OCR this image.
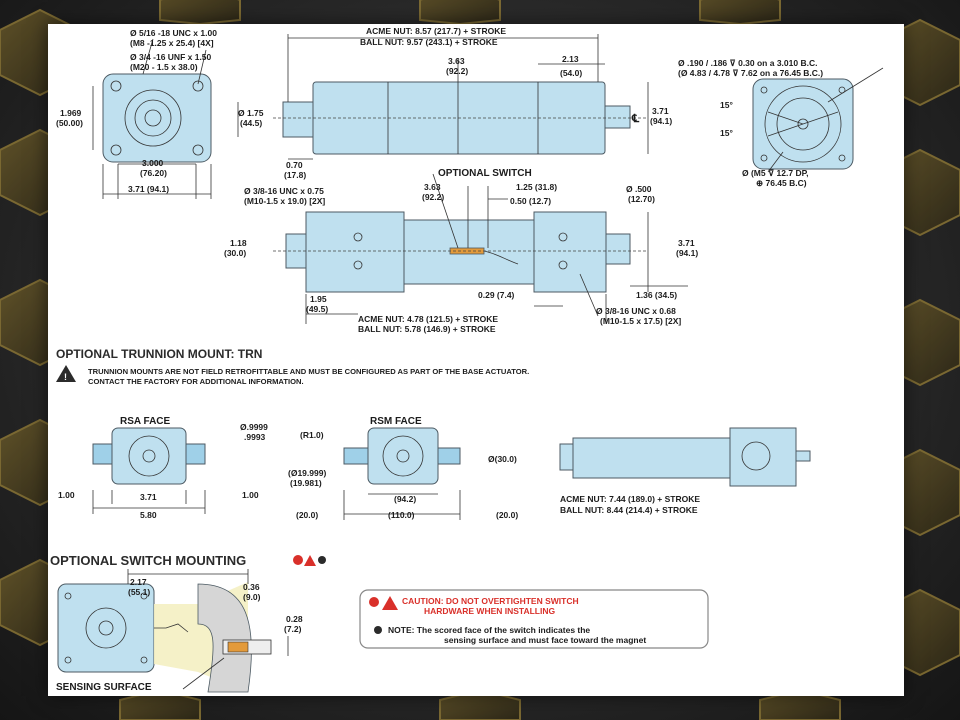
Ø 5/16 -18 UNC x 1.00
(M8 -1.25 x 25.4) [4X]
Ø 3/4 -16 UNF x 1.50
(M20 - 1.5 x 38.0)
1.969
(50.00)
3.000
(76.20)
3.71 (94.1)
ACME NUT: 8.57 (217.7) + STROKE
BALL NUT: 9.57 (243.1) + STROKE
3.63
(92.2)
2.13
(54.0)
Ø 1.75
(44.5)
0.70
(17.8)
3.71
(94.1)
℄
Ø .190 / .186 ⊽ 0.30 on a 3.010 B.C.
(Ø 4.83 / 4.78 ⊽ 7.62 on a 76.45 B.C.)
15°
15°
Ø (M5 ⊽ 12.7 DP,
⊕ 76.45 B.C)
OPTIONAL SWITCH
1.25 (31.8)
0.50 (12.7)
Ø .500
(12.70)
Ø 3/8-16 UNC x 0.75
(M10-1.5 x 19.0) [2X]
3.63
(92.2)
1.18
(30.0)
3.71
(94.1)
1.95
(49.5)
0.29 (7.4)	1.36 (34.5)
ACME NUT: 4.78 (121.5) + STROKE
BALL NUT: 5.78 (146.9) + STROKE
Ø 3/8-16 UNC x 0.68
(M10-1.5 x 17.5) [2X]
OPTIONAL TRUNNION MOUNT: TRN
!
TRUNNION MOUNTS ARE NOT FIELD RETROFITTABLE AND MUST BE CONFIGURED AS PART OF THE BASE ACTUATOR.
CONTACT THE FACTORY FOR ADDITIONAL INFORMATION.
RSA FACE	RSM FACE
Ø.9999
.9993	(R1.0)
Ø(30.0)
(Ø19.999)
(19.981)
1.00	3.71	1.00
5.80
(94.2)
(20.0)	(110.0)	(20.0)
ACME NUT: 7.44 (189.0) + STROKE
BALL NUT: 8.44 (214.4) + STROKE
OPTIONAL SWITCH MOUNTING
2.17
(55.1)	0.36
(9.0)
0.28
(7.2)
SENSING SURFACE
CAUTION: DO NOT OVERTIGHTEN SWITCH
HARDWARE WHEN INSTALLING
NOTE: The scored face of the switch indicates the
sensing surface and must face toward the magnet
